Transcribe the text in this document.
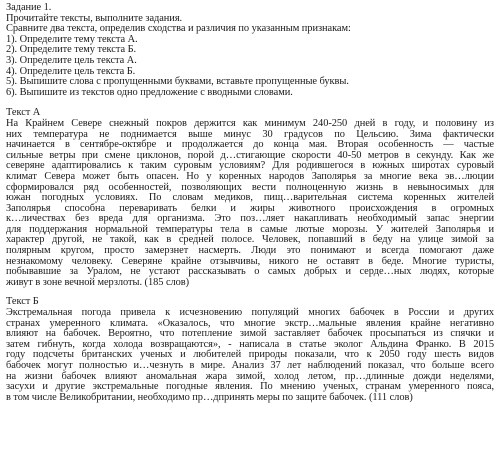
Задание 1.

Прочитайте тексты, выполните задания.

Сравните два текста, определив сходства и различия по указанным признакам:

1). Определите тему текста А.

2). Определите тему текста Б.

3). Определите цель текста А.

4). Определите цель текста Б.

5). Выпишите слова с пропущенными буквами, вставьте пропущенные буквы.

6). Выпишите из текстов одно предложение с вводными словами.

Текст А

На Крайнем Севере снежный покров держится как минимум 240-250 дней в году, и половину из

них температура не поднимается выше минус 30 градусов по Цельсию. Зима фактически

начинается в сентябре-октябре и продолжается до конца мая. Вторая особенность — частые

сильные ветры при смене циклонов, порой д…стигающие скорости 40-50 метров в секунду. Как же

северяне адаптировались к таким суровым условиям? Для родившегося в южных широтах суровый

климат Севера может быть опасен. Но у коренных народов Заполярья за многие века эв…люции

сформировался ряд особенностей, позволяющих вести полноценную жизнь в невыносимых для

южан погодных условиях. По словам медиков, пищ…варительная система коренных жителей

Заполярья способна переваривать белки и жиры животного происхождения в огромных

к…личествах без вреда для организма. Это поз…ляет накапливать необходимый запас энергии

для поддержания нормальной температуры тела в самые лютые морозы. У жителей Заполярья и

характер другой, не такой, как в средней полосе. Человек, попавший в беду на улице зимой за

полярным кругом, просто замерзнет насмерть. Люди это понимают и всегда помогают даже

незнакомому человеку. Северяне крайне отзывчивы, никого не оставят в беде. Многие туристы,

побывавшие за Уралом, не устают рассказывать о самых добрых и серде…ных людях, которые

живут в зоне вечной мерзлоты. (185 слов)

Текст Б

Экстремальная погода привела к исчезновению популяций многих бабочек в России и других

странах умеренного климата. «Оказалось, что многие экстр…мальные явления крайне негативно

влияют на бабочек. Вероятно, что потепление зимой заставляет бабочек просыпаться из спячки и

затем гибнуть, когда холода возвращаются», - написала в статье эколог Альдина Франко. В 2015

году подсчеты британских ученых и любителей природы показали, что к 2050 году шесть видов

бабочек могут полностью и…чезнуть в мире. Анализ 37 лет наблюдений показал, что больше всего

на жизни бабочек влияют аномальная жара зимой, холод летом, пр…длинные дожди неделями,

засухи и другие экстремальные погодные явления. По мнению ученых, странам умеренного пояса,

в том числе Великобритании, необходимо пр…дпринять меры по защите бабочек. (111 слов)
